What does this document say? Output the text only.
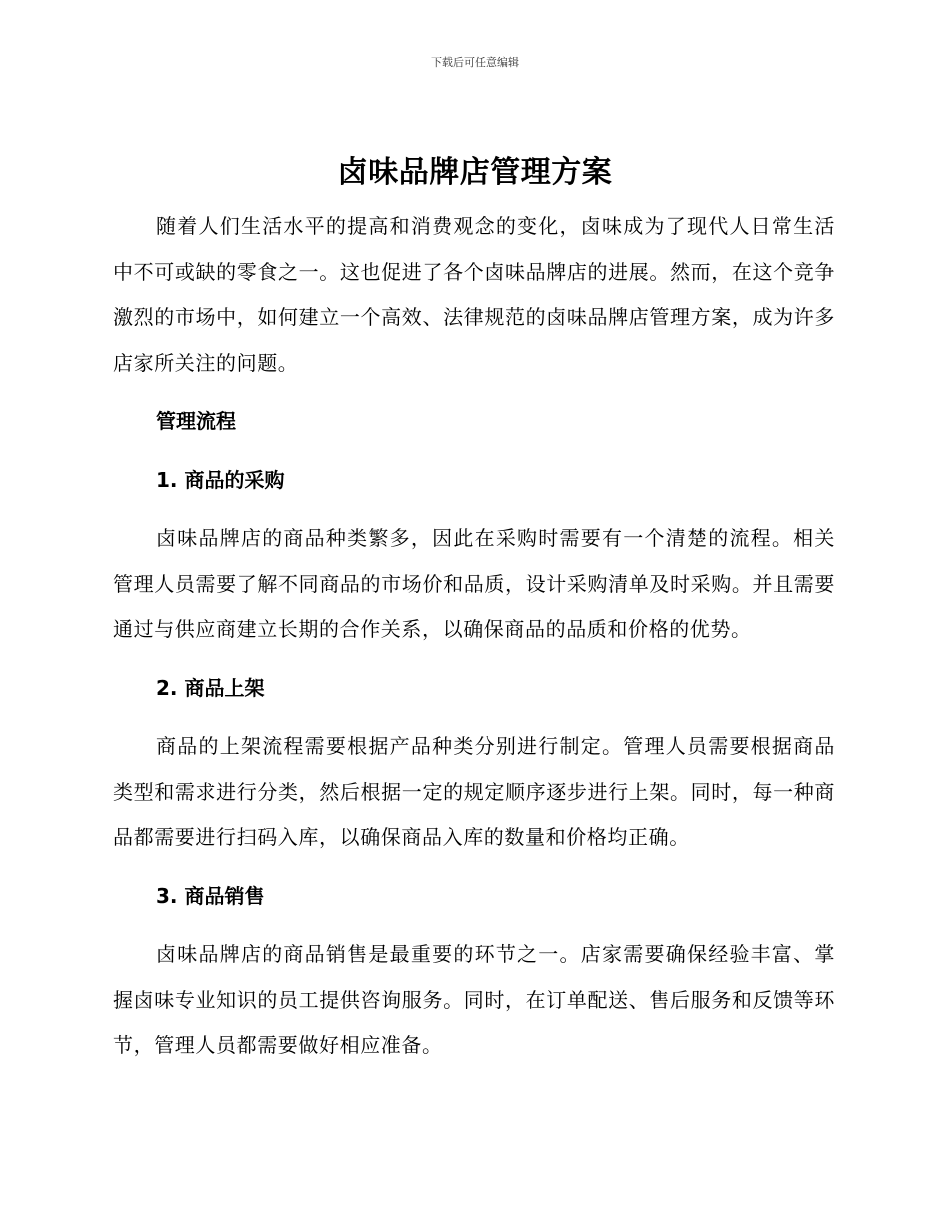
下载后可任意编辑
卤味品牌店管理方案

随着人们生活水平的提高和消费观念的变化，卤味成为了现代人日常生活中不可或缺的零食之一。这也促进了各个卤味品牌店的进展。然而，在这个竞争激烈的市场中，如何建立一个高效、法律规范的卤味品牌店管理方案，成为许多店家所关注的问题。

管理流程

1. 商品的采购

卤味品牌店的商品种类繁多，因此在采购时需要有一个清楚的流程。相关管理人员需要了解不同商品的市场价和品质，设计采购清单及时采购。并且需要通过与供应商建立长期的合作关系，以确保商品的品质和价格的优势。

2. 商品上架

商品的上架流程需要根据产品种类分别进行制定。管理人员需要根据商品类型和需求进行分类，然后根据一定的规定顺序逐步进行上架。同时，每一种商品都需要进行扫码入库，以确保商品入库的数量和价格均正确。

3. 商品销售

卤味品牌店的商品销售是最重要的环节之一。店家需要确保经验丰富、掌握卤味专业知识的员工提供咨询服务。同时，在订单配送、售后服务和反馈等环节，管理人员都需要做好相应准备。
